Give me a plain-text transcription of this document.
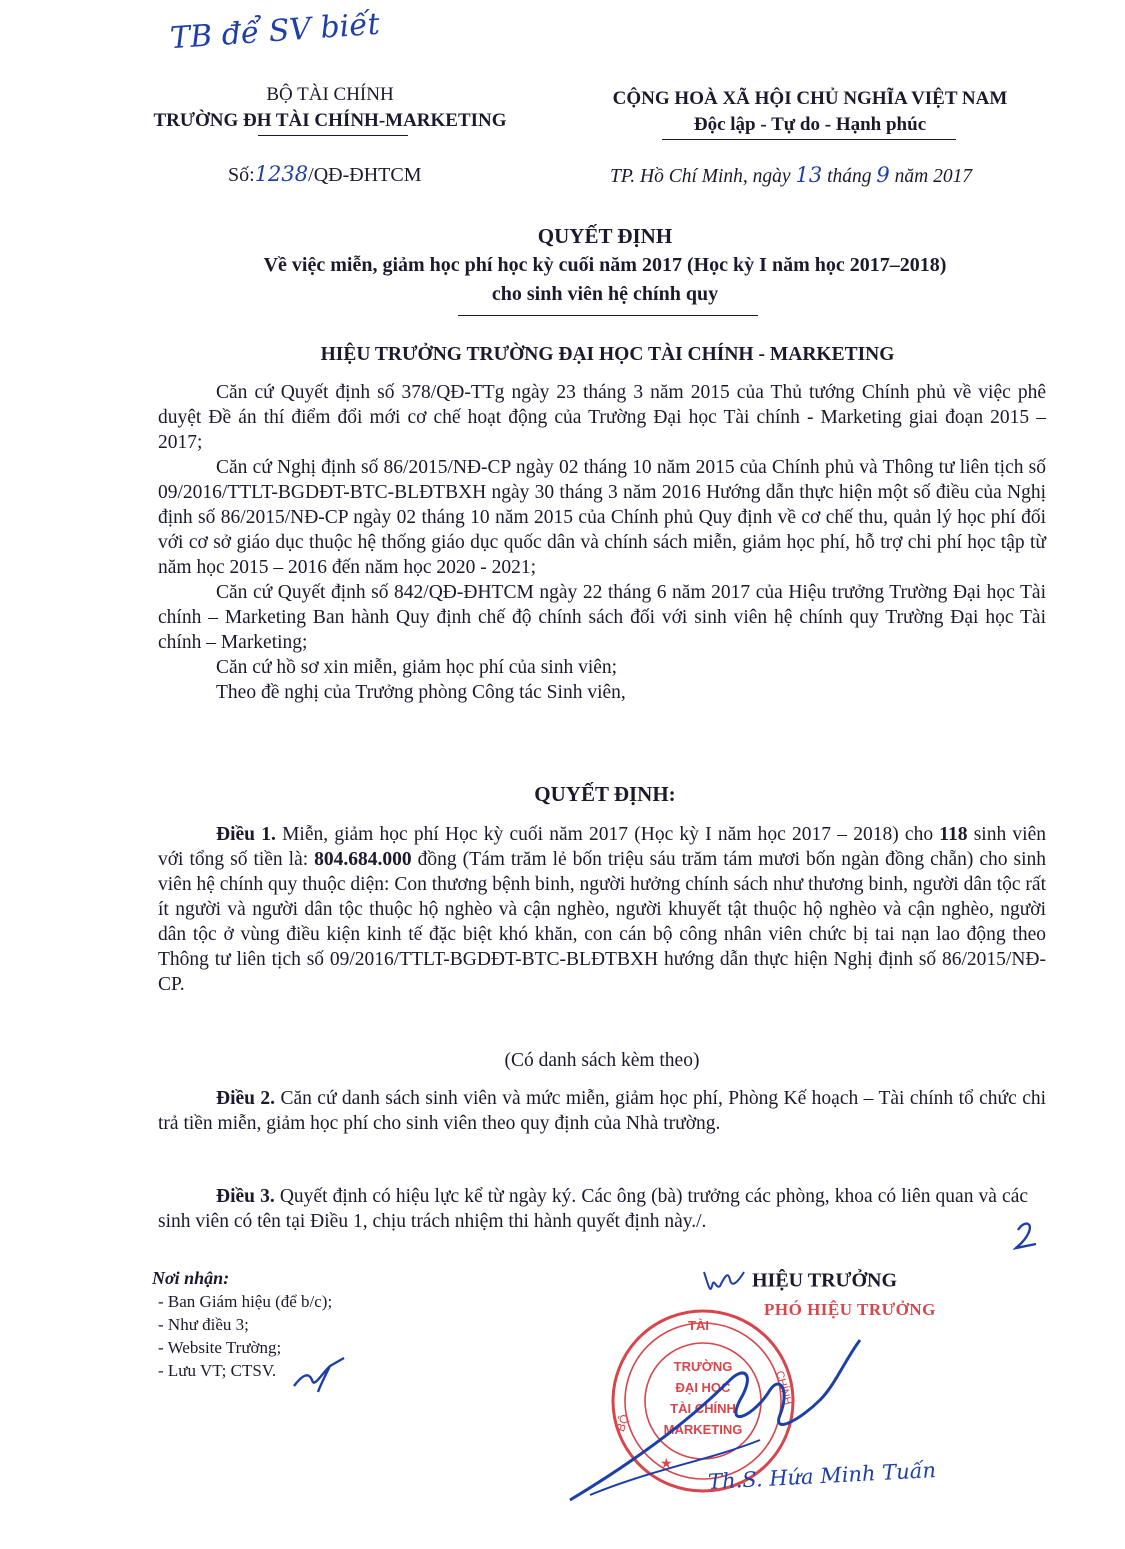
TB để SV biết
BỘ TÀI CHÍNH
TRƯỜNG ĐH TÀI CHÍNH-MARKETING
Số:1238/QĐ-ĐHTCM
CỘNG HOÀ XÃ HỘI CHỦ NGHĨA VIỆT NAM
Độc lập - Tự do - Hạnh phúc
TP. Hồ Chí Minh, ngày 13 tháng 9 năm 2017
QUYẾT ĐỊNH
Về việc miễn, giảm học phí học kỳ cuối năm 2017 (Học kỳ I năm học 2017–2018)
cho sinh viên hệ chính quy
HIỆU TRƯỞNG TRƯỜNG ĐẠI HỌC TÀI CHÍNH - MARKETING

Căn cứ Quyết định số 378/QĐ-TTg ngày 23 tháng 3 năm 2015 của Thủ tướng Chính phủ về việc phê duyệt Đề án thí điểm đổi mới cơ chế hoạt động của Trường Đại học Tài chính - Marketing giai đoạn 2015 – 2017;

Căn cứ Nghị định số 86/2015/NĐ-CP ngày 02 tháng 10 năm 2015 của Chính phủ và Thông tư liên tịch số 09/2016/TTLT-BGDĐT-BTC-BLĐTBXH ngày 30 tháng 3 năm 2016 Hướng dẫn thực hiện một số điều của Nghị định số 86/2015/NĐ-CP ngày 02 tháng 10 năm 2015 của Chính phủ Quy định về cơ chế thu, quản lý học phí đối với cơ sở giáo dục thuộc hệ thống giáo dục quốc dân và chính sách miễn, giảm học phí, hỗ trợ chi phí học tập từ năm học 2015 – 2016 đến năm học 2020 - 2021;

Căn cứ Quyết định số 842/QĐ-ĐHTCM ngày 22 tháng 6 năm 2017 của Hiệu trưởng Trường Đại học Tài chính – Marketing Ban hành Quy định chế độ chính sách đối với sinh viên hệ chính quy Trường Đại học Tài chính – Marketing;

Căn cứ hồ sơ xin miễn, giảm học phí của sinh viên;

Theo đề nghị của Trưởng phòng Công tác Sinh viên,

QUYẾT ĐỊNH:

Điều 1. Miễn, giảm học phí Học kỳ cuối năm 2017 (Học kỳ I năm học 2017 – 2018) cho 118 sinh viên với tổng số tiền là: 804.684.000 đồng (Tám trăm lẻ bốn triệu sáu trăm tám mươi bốn ngàn đồng chẵn) cho sinh viên hệ chính quy thuộc diện: Con thương bệnh binh, người hưởng chính sách như thương binh, người dân tộc rất ít người và người dân tộc thuộc hộ nghèo và cận nghèo, người khuyết tật thuộc hộ nghèo và cận nghèo, người dân tộc ở vùng điều kiện kinh tế đặc biệt khó khăn, con cán bộ công nhân viên chức bị tai nạn lao động theo Thông tư liên tịch số 09/2016/TTLT-BGDĐT-BTC-BLĐTBXH hướng dẫn thực hiện Nghị định số 86/2015/NĐ-CP.

(Có danh sách kèm theo)

Điều 2. Căn cứ danh sách sinh viên và mức miễn, giảm học phí, Phòng Kế hoạch – Tài chính tổ chức chi trả tiền miễn, giảm học phí cho sinh viên theo quy định của Nhà trường.

Điều 3. Quyết định có hiệu lực kể từ ngày ký. Các ông (bà) trưởng các phòng, khoa có liên quan và các sinh viên có tên tại Điều 1, chịu trách nhiệm thi hành quyết định này./.

Nơi nhận:
- Ban Giám hiệu (để b/c);
- Như điều 3;
- Website Trường;
- Lưu VT; CTSV.
HIỆU TRƯỞNG
PHÓ HIỆU TRƯỞNG
TÀI
BỘ
CHÍNH
TRƯỜNG
ĐẠI HỌC
TÀI CHÍNH
MARKETING
★ Th.S. Hứa Minh Tuấn
